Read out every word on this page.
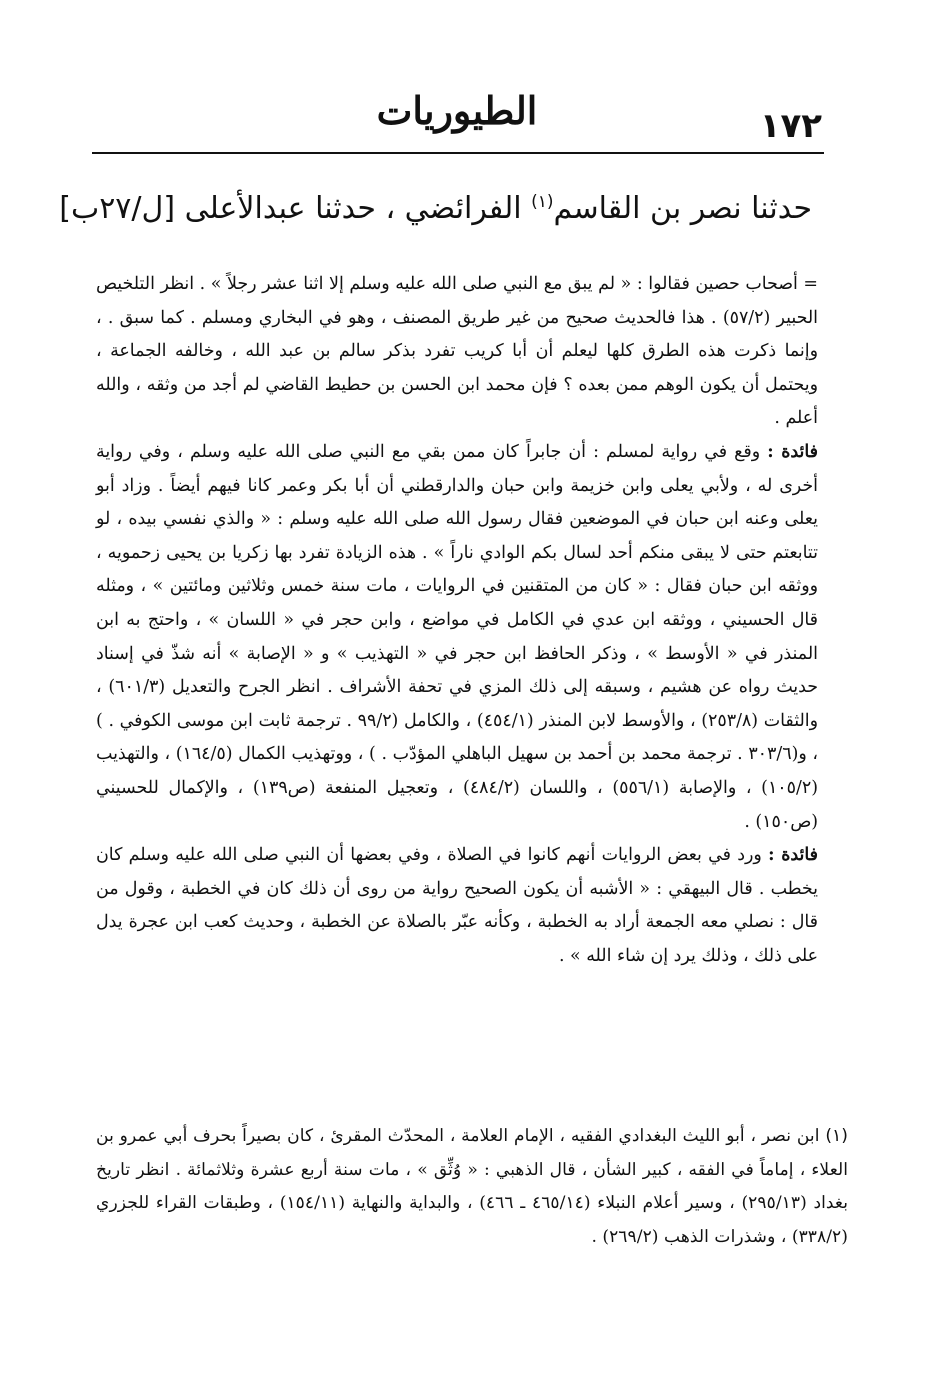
الطيوريات	١٧٢
حدثنا نصر بن القاسم$^{(١)}$ الفرائضي ، حدثنا عبدالأعلى [ل/٢٧ب]

= أصحاب حصين فقالوا : « لم يبق مع النبي صلى الله عليه وسلم إلا اثنا عشر رجلاً » . انظر التلخيص الحبير (٥٧/٢) . هذا فالحديث صحيح من غير طريق المصنف ، وهو في البخاري ومسلم . كما سبق . ، وإنما ذكرت هذه الطرق كلها ليعلم أن أبا كريب تفرد بذكر سالم بن عبد الله ، وخالفه الجماعة ، ويحتمل أن يكون الوهم ممن بعده ؟ فإن محمد ابن الحسن بن حطيط القاضي لم أجد من وثقه ، والله أعلم .

فائدة : وقع في رواية لمسلم : أن جابراً كان ممن بقي مع النبي صلى الله عليه وسلم ، وفي رواية أخرى له ، ولأبي يعلى وابن خزيمة وابن حبان والدارقطني أن أبا بكر وعمر كانا فيهم أيضاً . وزاد أبو يعلى وعنه ابن حبان في الموضعين فقال رسول الله صلى الله عليه وسلم : « والذي نفسي بيده ، لو تتابعتم حتى لا يبقى منكم أحد لسال بكم الوادي ناراً » . هذه الزيادة تفرد بها زكريا بن يحيى زحمويه ، ووثقه ابن حبان فقال : « كان من المتقنين في الروايات ، مات سنة خمس وثلاثين ومائتين » ، ومثله قال الحسيني ، ووثقه ابن عدي في الكامل في مواضع ، وابن حجر في « اللسان » ، واحتج به ابن المنذر في « الأوسط » ، وذكر الحافظ ابن حجر في « التهذيب » و « الإصابة » أنه شذّ في إسناد حديث رواه عن هشيم ، وسبقه إلى ذلك المزي في تحفة الأشراف . انظر الجرح والتعديل (٦٠١/٣) ، والثقات (٢٥٣/٨) ، والأوسط لابن المنذر (٤٥٤/١) ، والكامل (٩٩/٢ . ترجمة ثابت ابن موسى الكوفي . ) ، و(٣٠٣/٦ . ترجمة محمد بن أحمد بن سهيل الباهلي المؤدّب . ) ، ووتهذيب الكمال (١٦٤/٥) ، والتهذيب (١٠٥/٢) ، والإصابة (٥٥٦/١) ، واللسان (٤٨٤/٢) ، وتعجيل المنفعة (ص١٣٩) ، والإكمال للحسيني (ص١٥٠) .

فائدة : ورد في بعض الروايات أنهم كانوا في الصلاة ، وفي بعضها أن النبي صلى الله عليه وسلم كان يخطب . قال البيهقي : « الأشبه أن يكون الصحيح رواية من روى أن ذلك كان في الخطبة ، وقول من قال : نصلي معه الجمعة أراد به الخطبة ، وكأنه عبّر بالصلاة عن الخطبة ، وحديث كعب ابن عجرة يدل على ذلك ، وذلك يرد إن شاء الله » .

(١) ابن نصر ، أبو الليث البغدادي الفقيه ، الإمام العلامة ، المحدّث المقرئ ، كان بصيراً بحرف أبي عمرو بن العلاء ، إماماً في الفقه ، كبير الشأن ، قال الذهبي : « وُثِّق » ، مات سنة أربع عشرة وثلاثمائة . انظر تاريخ بغداد (٢٩٥/١٣) ، وسير أعلام النبلاء (٤٦٥/١٤ ـ ٤٦٦) ، والبداية والنهاية (١٥٤/١١) ، وطبقات القراء للجزري (٣٣٨/٢) ، وشذرات الذهب (٢٦٩/٢) .
